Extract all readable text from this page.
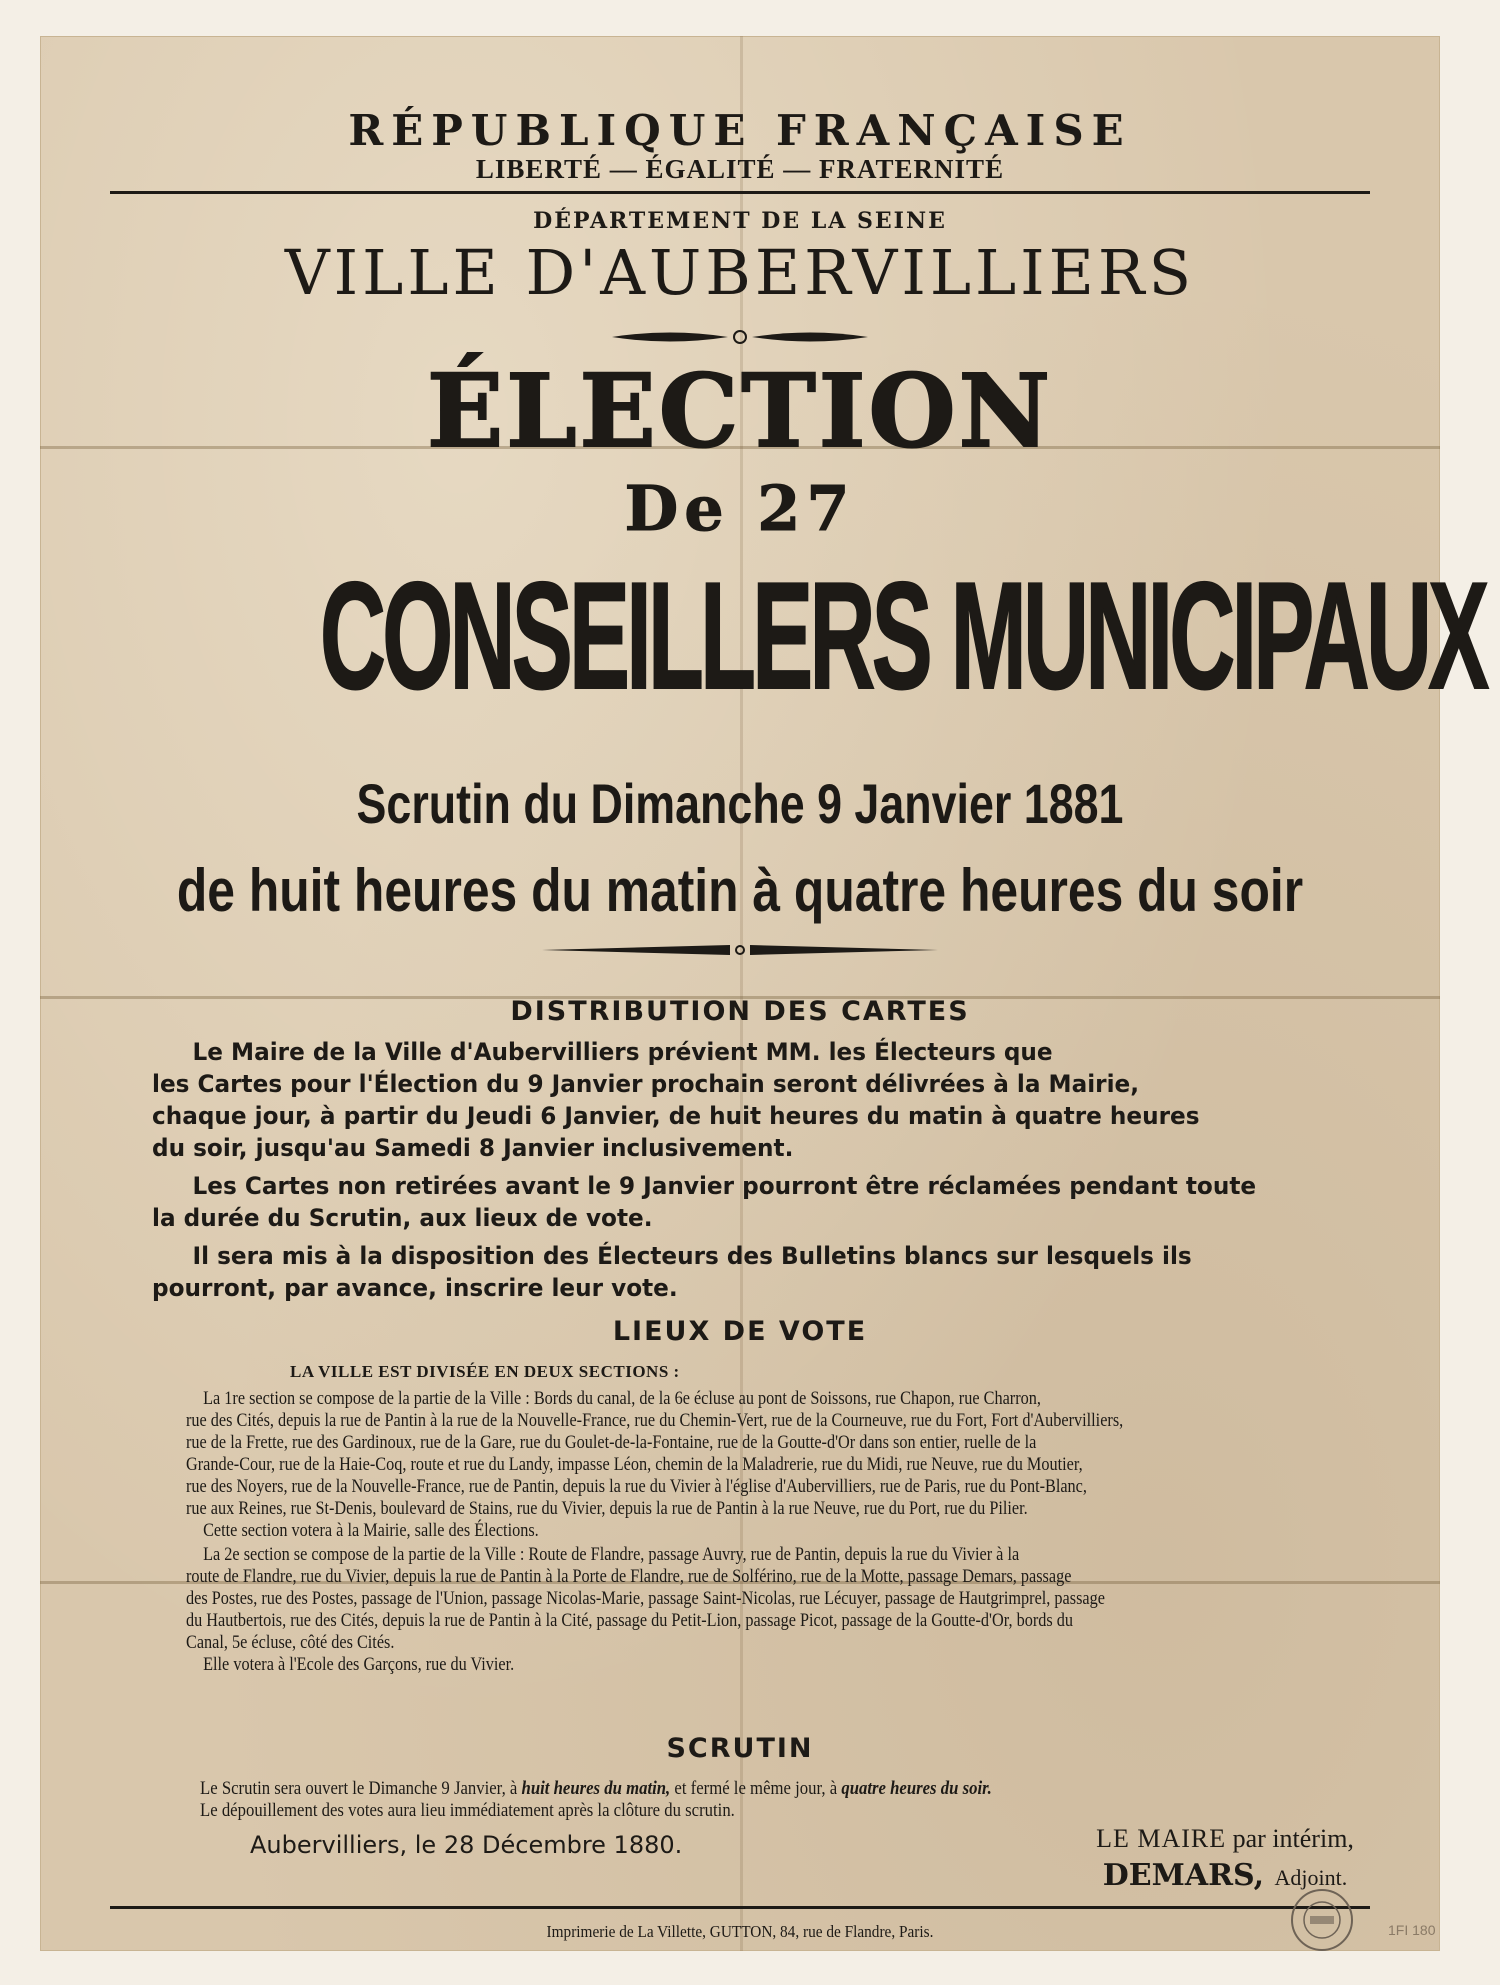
RÉPUBLIQUE FRANÇAISE
LIBERTÉ — ÉGALITÉ — FRATERNITÉ
DÉPARTEMENT DE LA SEINE
VILLE D'AUBERVILLIERS
ÉLECTION
De 27
CONSEILLERS MUNICIPAUX
Scrutin du Dimanche 9 Janvier 1881
de huit heures du matin à quatre heures du soir
DISTRIBUTION DES CARTES

Le Maire de la Ville d'Aubervilliers prévient MM. les Électeurs que

les Cartes pour l'Élection du 9 Janvier prochain seront délivrées à la Mairie,

chaque jour, à partir du Jeudi 6 Janvier, de huit heures du matin à quatre heures

du soir, jusqu'au Samedi 8 Janvier inclusivement.

Les Cartes non retirées avant le 9 Janvier pourront être réclamées pendant toute

la durée du Scrutin, aux lieux de vote.

Il sera mis à la disposition des Électeurs des Bulletins blancs sur lesquels ils

pourront, par avance, inscrire leur vote.

LIEUX DE VOTE
LA VILLE EST DIVISÉE EN DEUX SECTIONS :

La 1re section se compose de la partie de la Ville : Bords du canal, de la 6e écluse au pont de Soissons, rue Chapon, rue Charron,

rue des Cités, depuis la rue de Pantin à la rue de la Nouvelle-France, rue du Chemin-Vert, rue de la Courneuve, rue du Fort, Fort d'Aubervilliers,

rue de la Frette, rue des Gardinoux, rue de la Gare, rue du Goulet-de-la-Fontaine, rue de la Goutte-d'Or dans son entier, ruelle de la

Grande-Cour, rue de la Haie-Coq, route et rue du Landy, impasse Léon, chemin de la Maladrerie, rue du Midi, rue Neuve, rue du Moutier,

rue des Noyers, rue de la Nouvelle-France, rue de Pantin, depuis la rue du Vivier à l'église d'Aubervilliers, rue de Paris, rue du Pont-Blanc,

rue aux Reines, rue St-Denis, boulevard de Stains, rue du Vivier, depuis la rue de Pantin à la rue Neuve, rue du Port, rue du Pilier.

Cette section votera à la Mairie, salle des Élections.

La 2e section se compose de la partie de la Ville : Route de Flandre, passage Auvry, rue de Pantin, depuis la rue du Vivier à la

route de Flandre, rue du Vivier, depuis la rue de Pantin à la Porte de Flandre, rue de Solférino, rue de la Motte, passage Demars, passage

des Postes, rue des Postes, passage de l'Union, passage Nicolas-Marie, passage Saint-Nicolas, rue Lécuyer, passage de Hautgrimprel, passage

du Hautbertois, rue des Cités, depuis la rue de Pantin à la Cité, passage du Petit-Lion, passage Picot, passage de la Goutte-d'Or, bords du

Canal, 5e écluse, côté des Cités.

Elle votera à l'Ecole des Garçons, rue du Vivier.

SCRUTIN

Le Scrutin sera ouvert le Dimanche 9 Janvier, à huit heures du matin, et fermé le même jour, à quatre heures du soir.

Le dépouillement des votes aura lieu immédiatement après la clôture du scrutin.

Aubervilliers, le 28 Décembre 1880.	LE MAIRE par intérim,
DEMARS, Adjoint.
Imprimerie de La Villette, GUTTON, 84, rue de Flandre, Paris.	1FI 180
